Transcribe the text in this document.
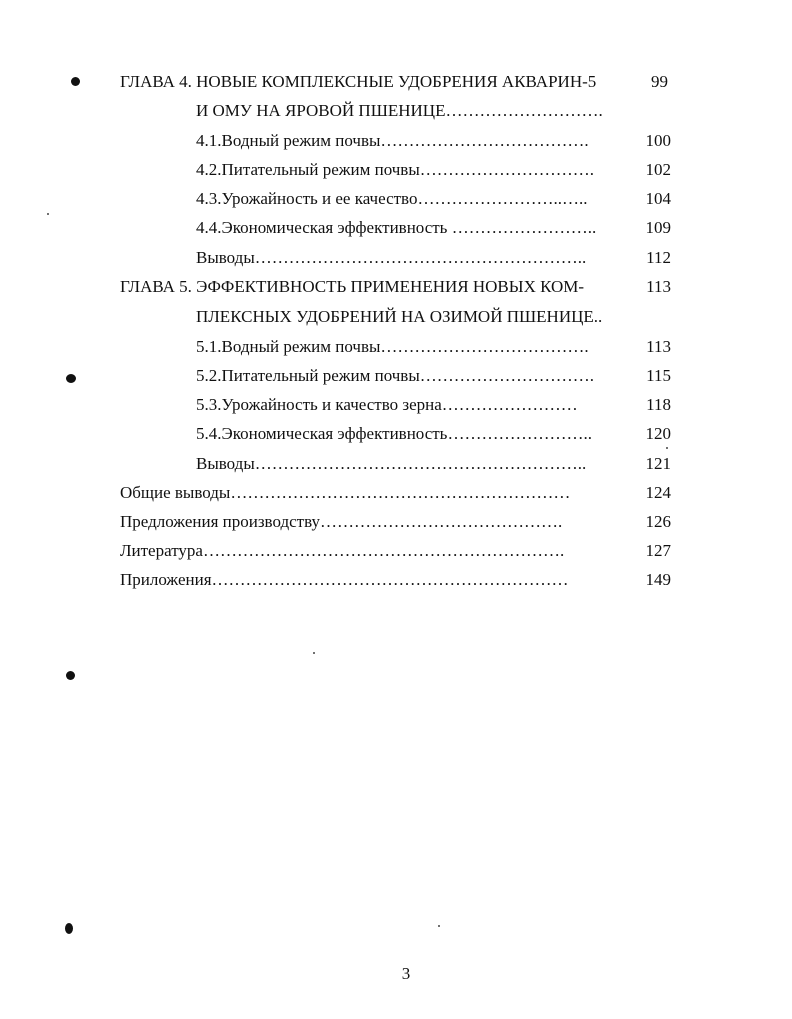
ГЛАВА 4. НОВЫЕ КОМПЛЕКСНЫЕ УДОБРЕНИЯ АКВАРИН-5	99
И ОМУ НА ЯРОВОЙ ПШЕНИЦЕ……………………….
4.1.Водный режим почвы……………………………….	100
4.2.Питательный режим почвы………………………….	102
4.3.Урожайность и ее качество……………………..…..	104
4.4.Экономическая эффективность ……………………..	109
Выводы…………………………………………………..	112
ГЛАВА 5. ЭФФЕКТИВНОСТЬ ПРИМЕНЕНИЯ НОВЫХ КОМ-	113
ПЛЕКСНЫХ УДОБРЕНИЙ НА ОЗИМОЙ ПШЕНИЦЕ..
5.1.Водный режим почвы……………………………….	113
5.2.Питательный режим почвы………………………….	115
5.3.Урожайность и качество зерна……………………	118
5.4.Экономическая эффективность……………………..	120
Выводы…………………………………………………..	121
Общие выводы……………………………………………………	124
Предложения производству…………………………………….	126
Литература……………………………………………………….	127
Приложения………………………………………………………	149
3
